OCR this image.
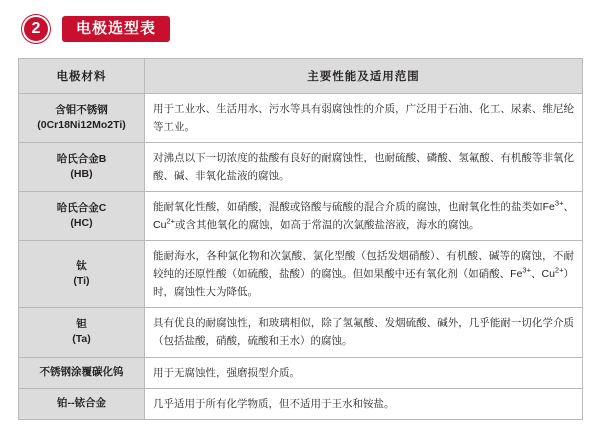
2	电极选型表
电极材料	主要性能及适用范围

含钼不锈钢
(0Cr18Ni12Mo2Ti)	用于工业水、生活用水、污水等具有弱腐蚀性的介质，广泛用于石油、化工、尿素、维尼纶等工业。

哈氏合金B
(HB)	对沸点以下一切浓度的盐酸有良好的耐腐蚀性，也耐硫酸、磷酸、氢氟酸、有机酸等非氧化酸、碱、非氧化盐液的腐蚀。

哈氏合金C
(HC)	能耐氧化性酸，如硝酸，混酸或铬酸与硫酸的混合介质的腐蚀，也耐氧化性的盐类如$Fe^{3+}$、$Cu^{2+}$或含其他氧化的腐蚀，如高于常温的次氯酸盐溶液，海水的腐蚀。

钛
(Ti)	能耐海水，各种氯化物和次氯酸、氯化型酸（包括发烟硝酸）、有机酸、碱等的腐蚀，不耐较纯的还原性酸（如硫酸，盐酸）的腐蚀。但如果酸中还有氧化剂（如硝酸、$Fe^{3+}$、$Cu^{2+}$）时，腐蚀性大为降低。

钽
(Ta)	具有优良的耐腐蚀性，和玻璃相似，除了氢氟酸、发烟硫酸、碱外，几乎能耐一切化学介质（包括盐酸，硝酸，硫酸和王水）的腐蚀。

不锈钢涂覆碳化钨	用于无腐蚀性，强磨损型介质。

铂--铱合金	几乎适用于所有化学物质，但不适用于王水和铵盐。
